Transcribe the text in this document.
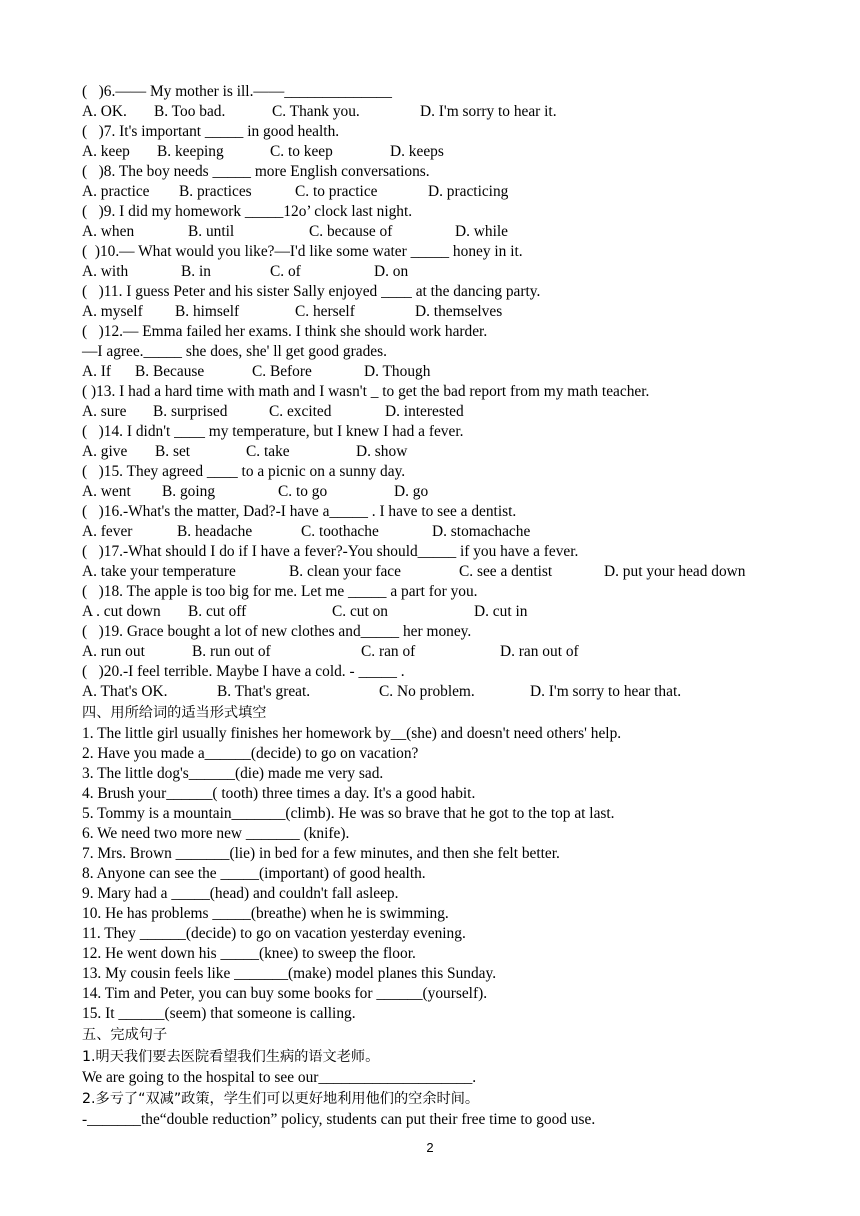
(   )6.—— My mother is ill.——______________
A. OK.	B. Too bad.	C. Thank you.	D. I'm sorry to hear it.
(   )7. It's important _____ in good health.
A. keep	B. keeping	C. to keep	D. keeps
(   )8. The boy needs _____ more English conversations.
A. practice	B. practices	C. to practice	D. practicing
(   )9. I did my homework _____12o’ clock last night.
A. when	B. until	C. because of	D. while
(  )10.— What would you like?—I'd like some water _____ honey in it.
A. with	B. in	C. of	D. on
(   )11. I guess Peter and his sister Sally enjoyed ____ at the dancing party.
A. myself	B. himself	C. herself	D. themselves
(   )12.— Emma failed her exams. I think she should work harder.
—I agree._____ she does, she' ll get good grades.
A. If	B. Because	C. Before	D. Though
( )13. I had a hard time with math and I wasn't _ to get the bad report from my math teacher.
A. sure	B. surprised	C. excited	D. interested
(   )14. I didn't ____ my temperature, but I knew I had a fever.
A. give	B. set	C. take	D. show
(   )15. They agreed ____ to a picnic on a sunny day.
A. went	B. going	C. to go	D. go
(   )16.-What's the matter, Dad?-I have a_____ . I have to see a dentist.
A. fever	B. headache	C. toothache	D. stomachache
(   )17.-What should I do if I have a fever?-You should_____ if you have a fever.
A. take your temperature	B. clean your face	C. see a dentist	D. put your head down
(   )18. The apple is too big for me. Let me _____ a part for you.
A . cut down	B. cut off	C. cut on	D. cut in
(   )19. Grace bought a lot of new clothes and_____ her money.
A. run out	B. run out of	C. ran of	D. ran out of
(   )20.-I feel terrible. Maybe I have a cold. - _____ .
A. That's OK.	B. That's great.	C. No problem.	D. I'm sorry to hear that.
四、用所给词的适当形式填空
1. The little girl usually finishes her homework by__(she) and doesn't need others' help.
2. Have you made a______(decide) to go on vacation?
3. The little dog's______(die) made me very sad.
4. Brush your______( tooth) three times a day. It's a good habit.
5. Tommy is a mountain_______(climb). He was so brave that he got to the top at last.
6. We need two more new _______ (knife).
7. Mrs. Brown _______(lie) in bed for a few minutes, and then she felt better.
8. Anyone can see the _____(important) of good health.
9. Mary had a _____(head) and couldn't fall asleep.
10. He has problems _____(breathe) when he is swimming.
11. They ______(decide) to go on vacation yesterday evening.
12. He went down his _____(knee) to sweep the floor.
13. My cousin feels like _______(make) model planes this Sunday.
14. Tim and Peter, you can buy some books for ______(yourself).
15. It ______(seem) that someone is calling.
五、完成句子
1.明天我们要去医院看望我们生病的语文老师。
We are going to the hospital to see our____________________.
2.多亏了“双减”政策，学生们可以更好地利用他们的空余时间。
-_______the“double reduction” policy, students can put their free time to good use.
2
